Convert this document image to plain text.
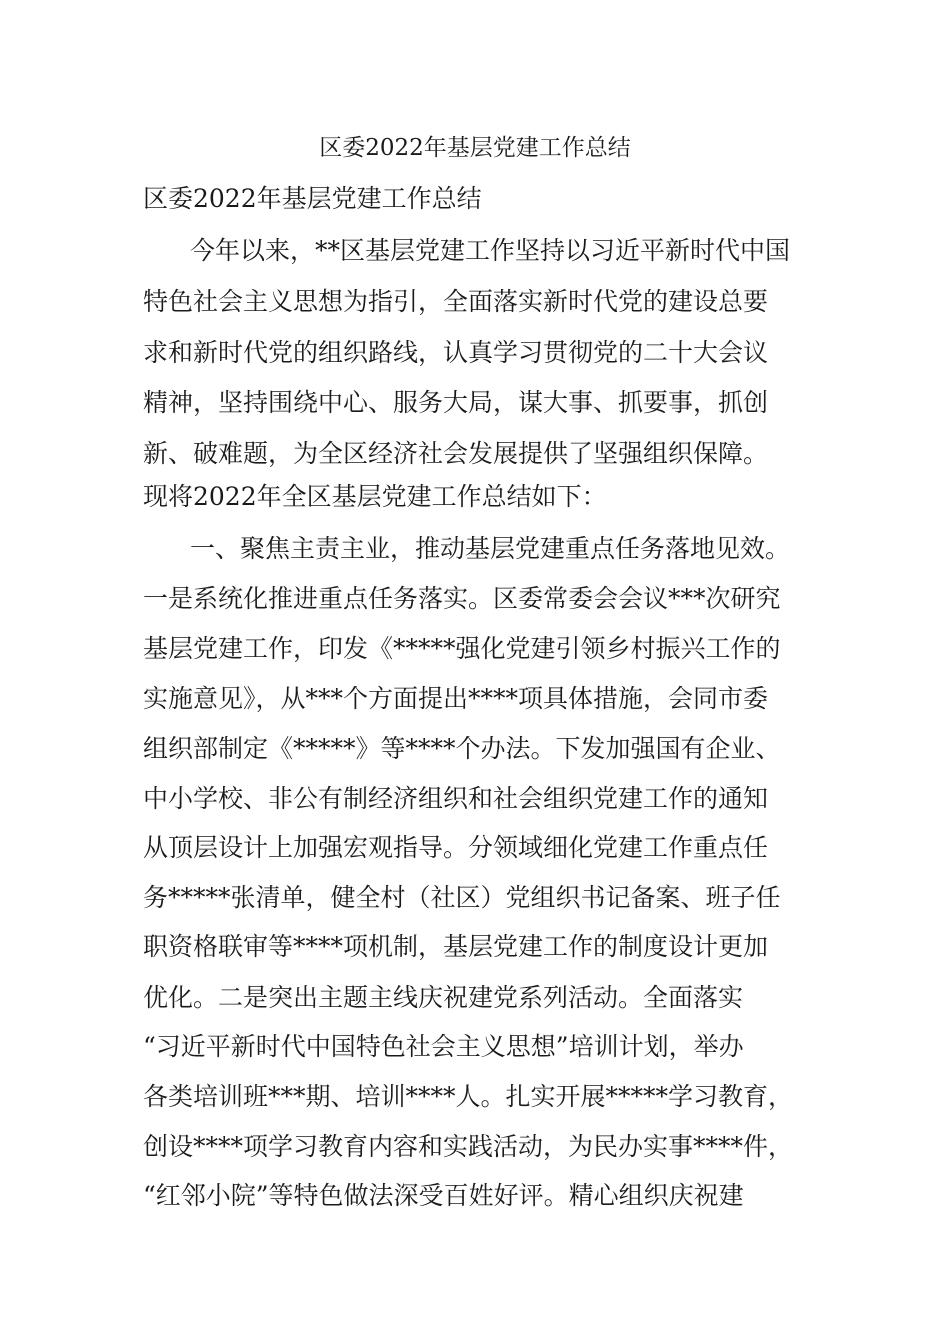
区委2022年基层党建工作总结
区委2022年基层党建工作总结
今年以来，**区基层党建工作坚持以习近平新时代中国
特色社会主义思想为指引，全面落实新时代党的建设总要
求和新时代党的组织路线，认真学习贯彻党的二十大会议
精神，坚持围绕中心、服务大局，谋大事、抓要事，抓创
新、破难题，为全区经济社会发展提供了坚强组织保障。
现将2022年全区基层党建工作总结如下：
一、聚焦主责主业，推动基层党建重点任务落地见效。
一是系统化推进重点任务落实。区委常委会会议***次研究
基层党建工作，印发《*****强化党建引领乡村振兴工作的
实施意见》，从***个方面提出****项具体措施，会同市委
组织部制定《*****》等****个办法。下发加强国有企业、
中小学校、非公有制经济组织和社会组织党建工作的通知
从顶层设计上加强宏观指导。分领域细化党建工作重点任
务*****张清单，健全村（社区）党组织书记备案、班子任
职资格联审等****项机制，基层党建工作的制度设计更加
优化。二是突出主题主线庆祝建党系列活动。全面落实
“习近平新时代中国特色社会主义思想”培训计划，举办
各类培训班***期、培训****人。扎实开展*****学习教育，
创设****项学习教育内容和实践活动，为民办实事****件，
“红邻小院”等特色做法深受百姓好评。精心组织庆祝建
